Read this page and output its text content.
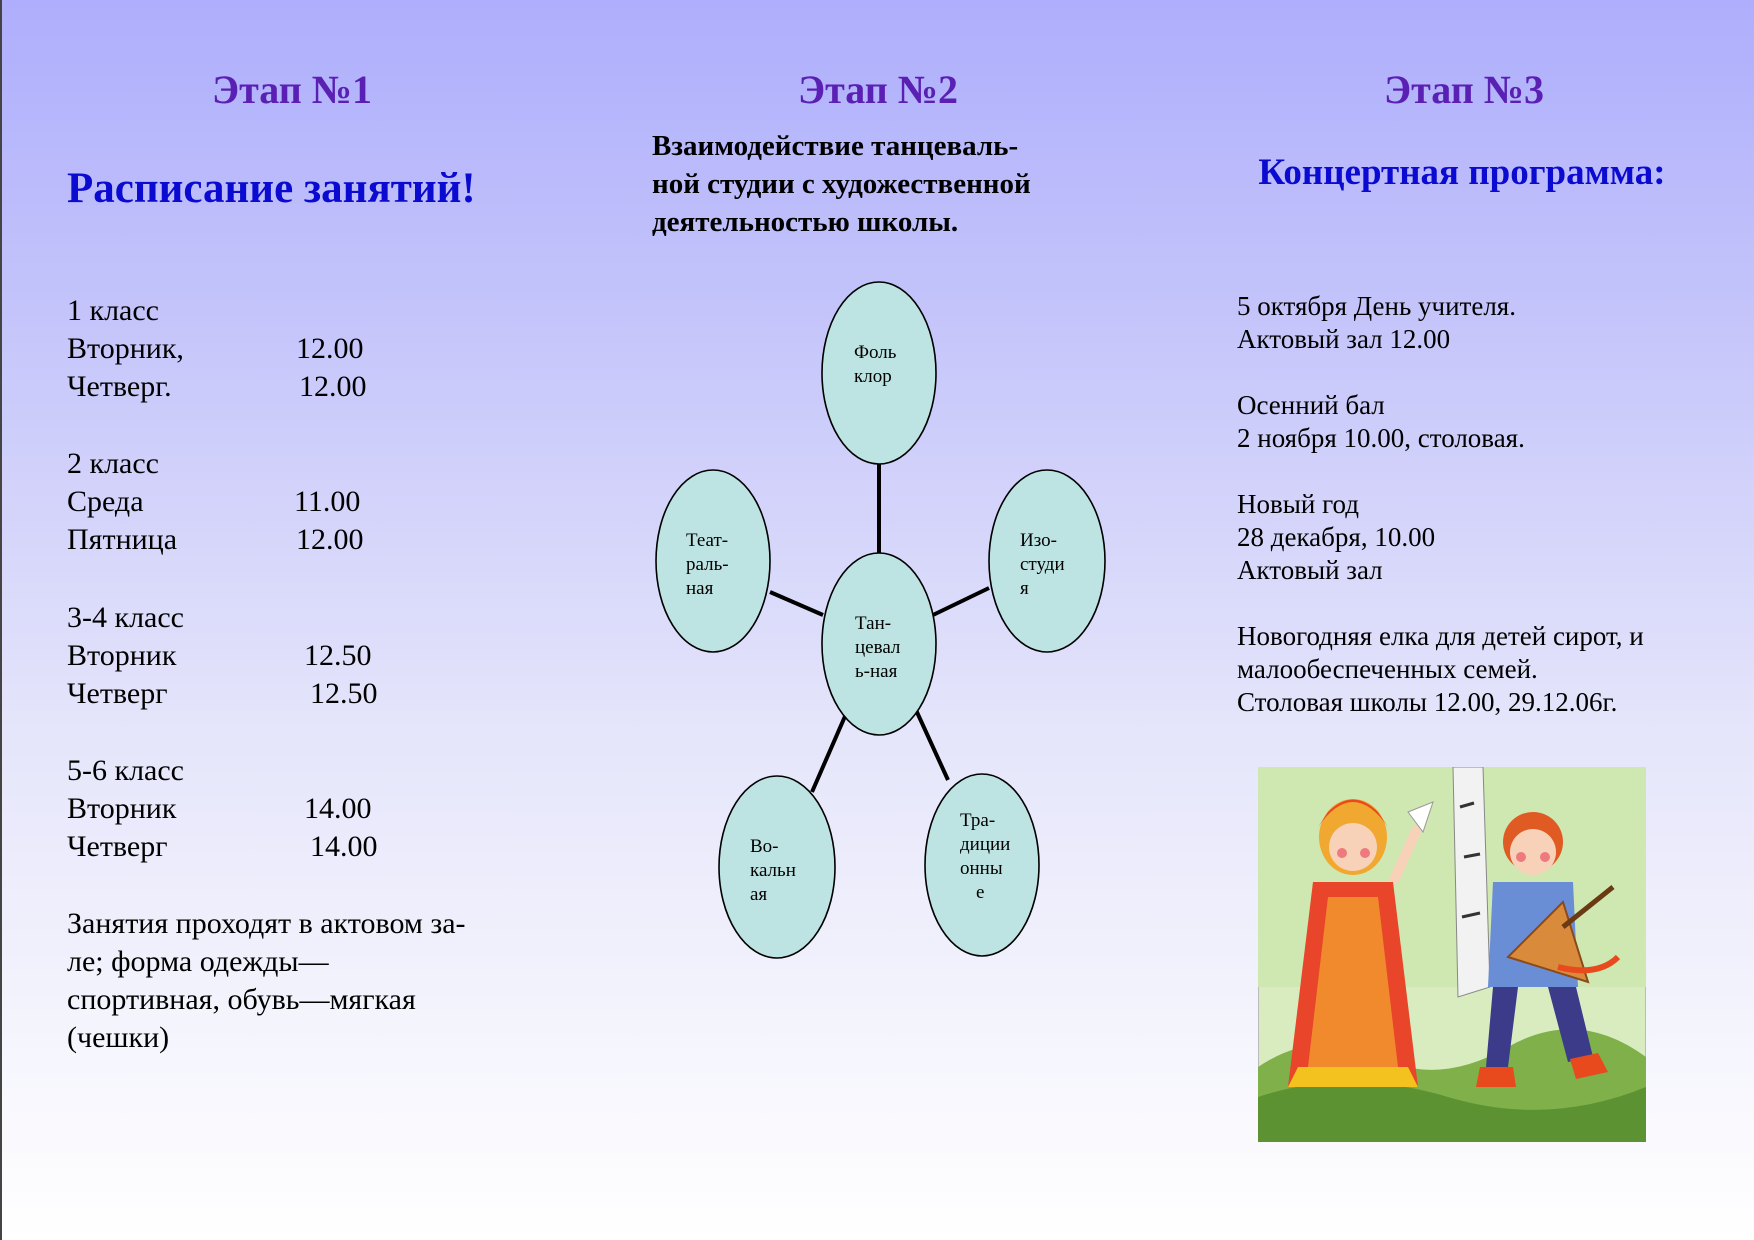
Этап №1	Этап №2	Этап №3
Расписание занятий!
1 класс
Вторник,	12.00
Четверг.	12.00
2 класс
Среда	11.00
Пятница	12.00
3-4 класс
Вторник	12.50
Четверг	12.50
5-6 класс
Вторник	14.00
Четверг	14.00
Занятия проходят в актовом за-
ле; форма одежды—
спортивная, обувь—мягкая
(чешки)
Взаимодействие танцеваль-
ной студии с художественной
деятельностью школы.
Тан-
цевал
ь-ная
Фоль
клор
Изо-
студи
я
Тра-
диции
онны
е
Во-
кальн
ая
Теат-
раль-
ная
Концертная программа:
5 октября День учителя.
Актовый зал 12.00
Осенний бал
2 ноября 10.00, столовая.
Новый год
28 декабря, 10.00
Актовый зал
Новогодняя елка для детей сирот, и
малообеспеченных семей.
Столовая школы 12.00, 29.12.06г.
